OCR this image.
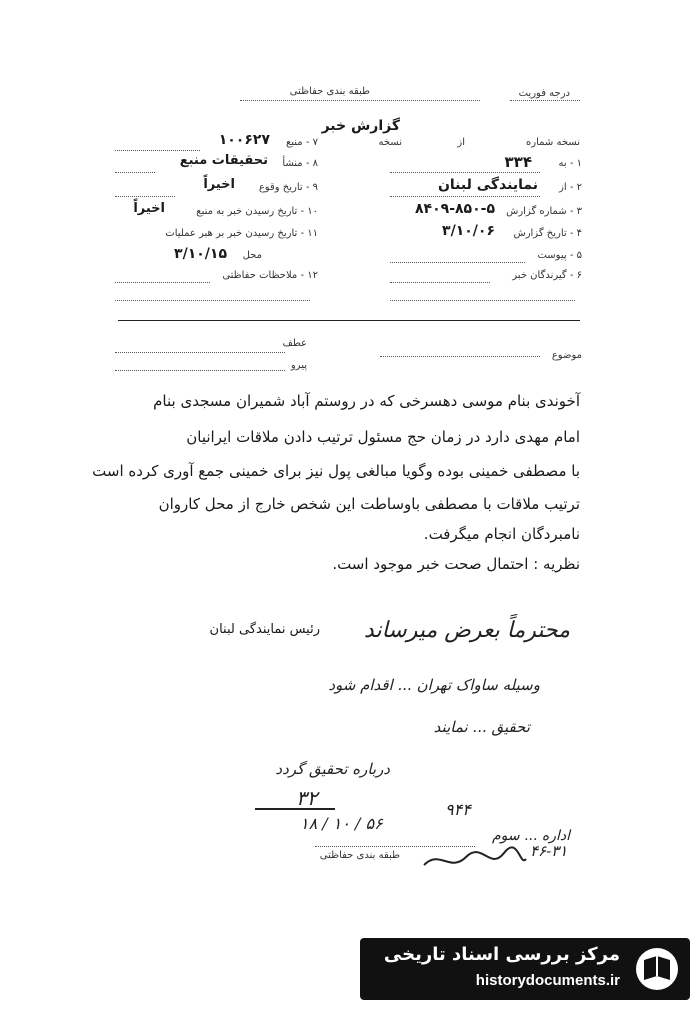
طبقه بندی حفاظتی	درجه فوریت
گزارش خبر
نسخه شماره
از
نسخه
۱ - به
۳۳۴
۲ - از
نمایندگی لبنان
۳ - شماره گزارش
۸۴۰۹-۸۵۰-۵
۴ - تاریخ گزارش
۳/۱۰/۰۶
۵ - پیوست
۶ - گیرندگان خبر
۷ - منبع
۱۰۰۶۲۷
۸ - منشأ
تحقیقات منبع
۹ - تاریخ وقوع
اخیراً
۱۰ - تاریخ رسیدن خبر به منبع
اخیراً
۱۱ - تاریخ رسیدن خبر بر هبر عملیات
محل
۳/۱۰/۱۵
۱۲ - ملاحظات حفاظتی
عطف
موضوع
پیرو
آخوندی بنام موسی دهسرخی که در روستم آباد شمیران مسجدی بنام
امام مهدی دارد در زمان حج مسئول ترتیب دادن ملاقات ایرانیان
با مصطفی خمینی بوده وگویا مبالغی پول نیز برای خمینی جمع آوری کرده است
ترتیب ملاقات با مصطفی باوساطت این شخص خارج از محل کاروان
نامبردگان انجام میگرفت.
نظریه : احتمال صحت خبر موجود است.
رئیس نمایندگی لبنان	محترماً بعرض میرساند
وسیله ساواک تهران ... اقدام شود
تحقیق ... نمایند
درباره تحقیق گردد
۳۲
۱۸ / ۱۰ / ۵۶
۹۴۴
اداره ... سوم
۴۶-۳۱
طبقه بندی حفاظتی
مرکز بررسی اسناد تاریخی
historydocuments.ir
